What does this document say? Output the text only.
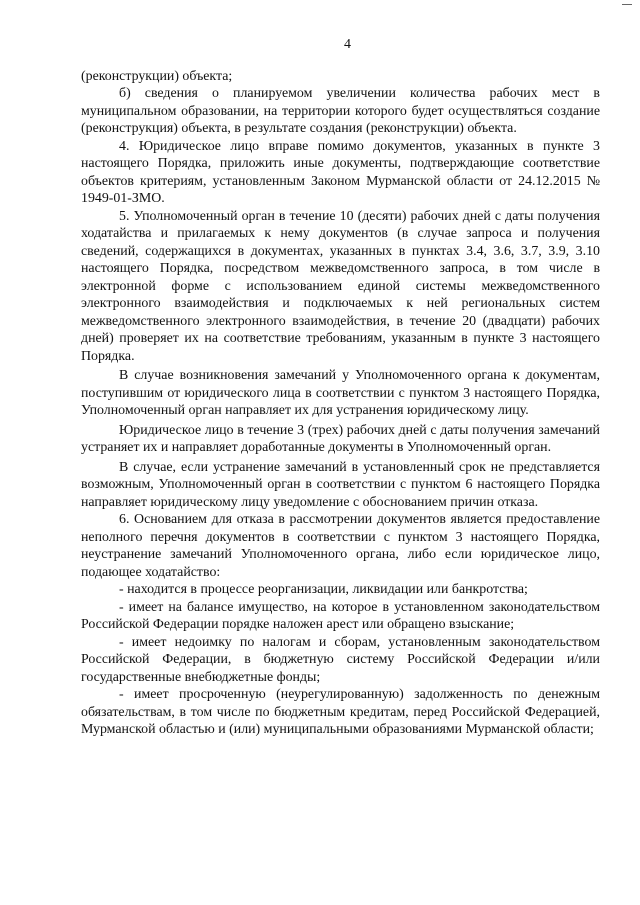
4

(реконструкции) объекта;

б) сведения о планируемом увеличении количества рабочих мест в муниципальном образовании, на территории которого будет осуществляться создание (реконструкция) объекта, в результате создания (реконструкции) объекта.

4. Юридическое лицо вправе помимо документов, указанных в пункте 3 настоящего Порядка, приложить иные документы, подтверждающие соответствие объектов критериям, установленным Законом Мурманской области от 24.12.2015 № 1949-01-ЗМО.

5. Уполномоченный орган в течение 10 (десяти) рабочих дней с даты получения ходатайства и прилагаемых к нему документов (в случае запроса и получения сведений, содержащихся в документах, указанных в пунктах 3.4, 3.6, 3.7, 3.9, 3.10 настоящего Порядка, посредством межведомственного запроса, в том числе в электронной форме с использованием единой системы межведомственного электронного взаимодействия и подключаемых к ней региональных систем межведомственного электронного взаимодействия, в течение 20 (двадцати) рабочих дней) проверяет их на соответствие требованиям, указанным в пункте 3 настоящего Порядка.

В случае возникновения замечаний у Уполномоченного органа к документам, поступившим от юридического лица в соответствии с пунктом 3 настоящего Порядка, Уполномоченный орган направляет их для устранения юридическому лицу.

Юридическое лицо в течение 3 (трех) рабочих дней с даты получения замечаний устраняет их и направляет доработанные документы в Уполномоченный орган.

В случае, если устранение замечаний в установленный срок не представляется возможным, Уполномоченный орган в соответствии с пунктом 6 настоящего Порядка направляет юридическому лицу уведомление с обоснованием причин отказа.

6. Основанием для отказа в рассмотрении документов является предоставление неполного перечня документов в соответствии с пунктом 3 настоящего Порядка, неустранение замечаний Уполномоченного органа, либо если юридическое лицо, подающее ходатайство:

- находится в процессе реорганизации, ликвидации или банкротства;

- имеет на балансе имущество, на которое в установленном законодательством Российской Федерации порядке наложен арест или обращено взыскание;

- имеет недоимку по налогам и сборам, установленным законодательством Российской Федерации, в бюджетную систему Российской Федерации и/или государственные внебюджетные фонды;

- имеет просроченную (неурегулированную) задолженность по денежным обязательствам, в том числе по бюджетным кредитам, перед Российской Федерацией, Мурманской областью и (или) муниципальными образованиями Мурманской области;
